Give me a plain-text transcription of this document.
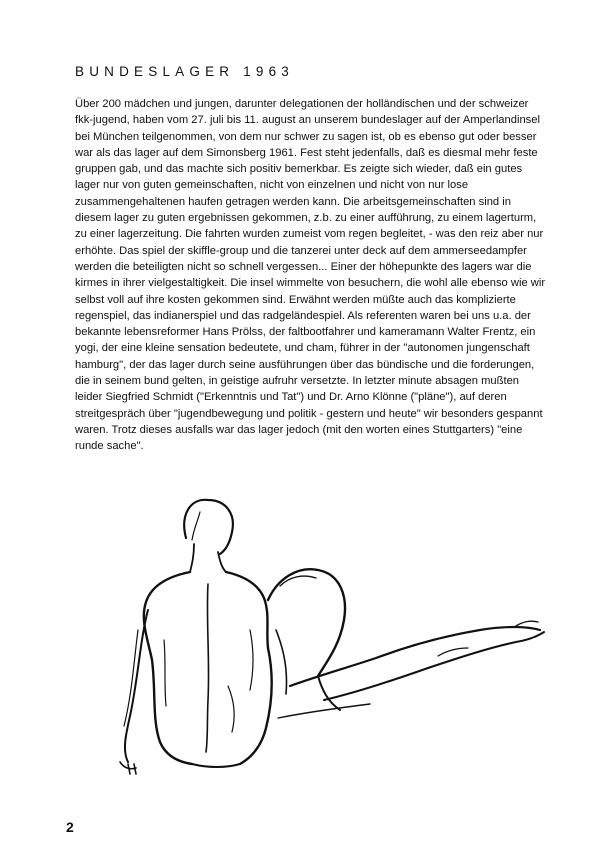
BUNDESLAGER 1963

Über 200 mädchen und jungen, darunter delegationen der holländischen und der schweizer fkk-jugend, haben vom 27. juli bis 11. august an unserem bundeslager auf der Amperlandinsel bei München teilgenommen, von dem nur schwer zu sagen ist, ob es ebenso gut oder besser war als das lager auf dem Simonsberg 1961. Fest steht jedenfalls, daß es diesmal mehr feste gruppen gab, und das machte sich positiv bemerkbar. Es zeigte sich wieder, daß ein gutes lager nur von guten gemeinschaften, nicht von einzelnen und nicht von nur lose zusammengehaltenen haufen getragen werden kann. Die arbeitsgemeinschaften sind in diesem lager zu guten ergebnissen gekommen, z.b. zu einer aufführung, zu einem lagerturm, zu einer lagerzeitung. Die fahrten wurden zumeist vom regen begleitet, - was den reiz aber nur erhöhte. Das spiel der skiffle-group und die tanzerei unter deck auf dem ammerseedampfer werden die beteiligten nicht so schnell vergessen... Einer der höhepunkte des lagers war die kirmes in ihrer vielgestaltigkeit. Die insel wimmelte von besuchern, die wohl alle ebenso wie wir selbst voll auf ihre kosten gekommen sind. Erwähnt werden müßte auch das komplizierte regenspiel, das indianerspiel und das radgeländespiel. Als referenten waren bei uns u.a. der bekannte lebensreformer Hans Prölss, der faltbootfahrer und kameramann Walter Frentz, ein yogi, der eine kleine sensation bedeutete, und cham, führer in der "autonomen jungenschaft hamburg", der das lager durch seine ausführungen über das bündische und die forderungen, die in seinem bund gelten, in geistige aufruhr versetzte. In letzter minute absagen mußten leider Siegfried Schmidt ("Erkenntnis und Tat") und Dr. Arno Klönne ("pläne"), auf deren streitgespräch über "jugendbewegung und politik - gestern und heute" wir besonders gespannt waren. Trotz dieses ausfalls war das lager jedoch (mit den worten eines Stuttgarters) "eine runde sache".

2
